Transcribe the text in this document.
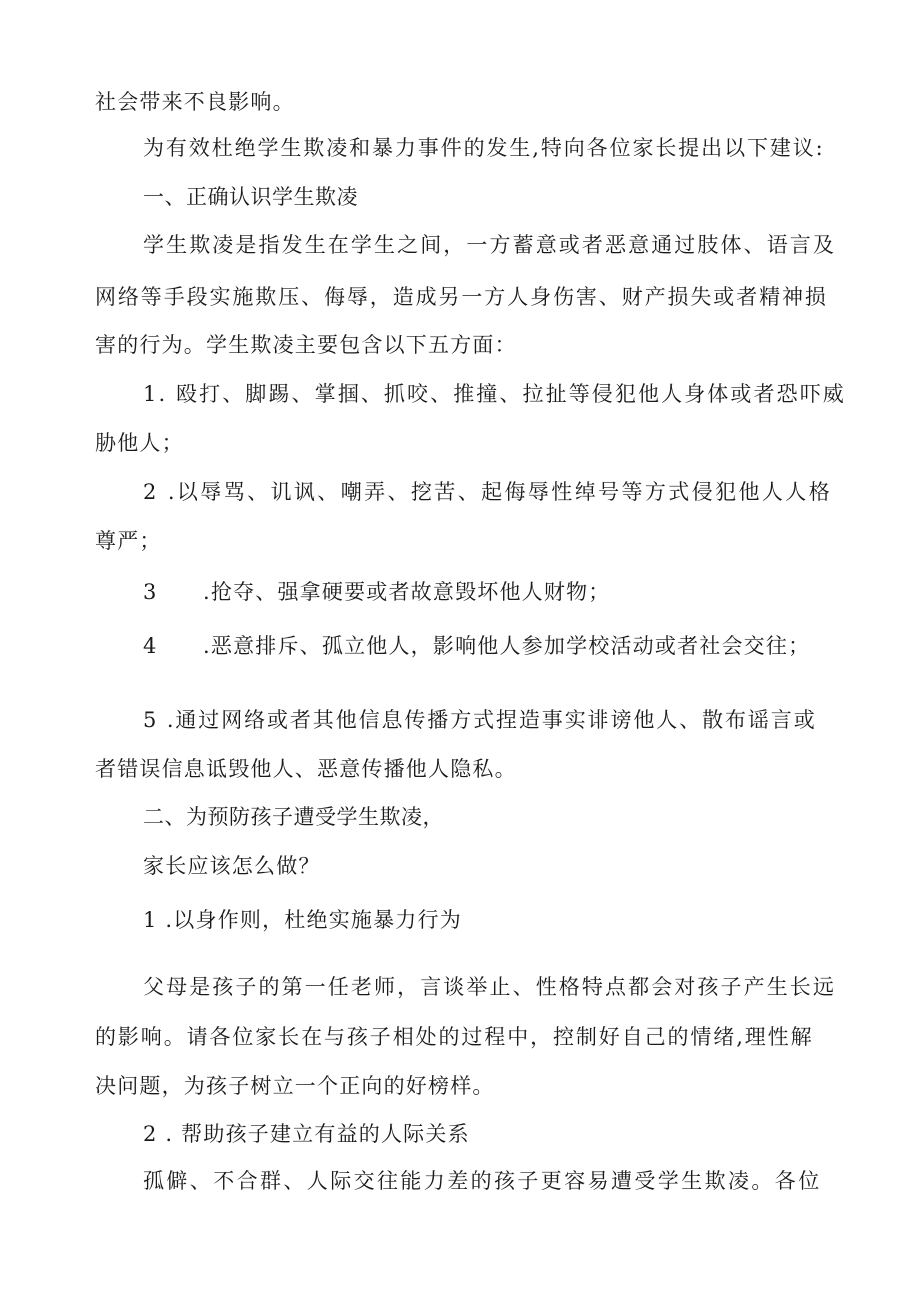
社会带来不良影响。
为有效杜绝学生欺凌和暴力事件的发生,特向各位家长提出以下建议:
一、正确认识学生欺凌
学生欺凌是指发生在学生之间，一方蓄意或者恶意通过肢体、语言及
网络等手段实施欺压、侮辱，造成另一方人身伤害、财产损失或者精神损
害的行为。学生欺凌主要包含以下五方面：
1. 殴打、脚踢、掌掴、抓咬、推撞、拉扯等侵犯他人身体或者恐吓威
胁他人；
2 .以辱骂、讥讽、嘲弄、挖苦、起侮辱性绰号等方式侵犯他人人格
尊严；
3 .抢夺、强拿硬要或者故意毁坏他人财物；
4 .恶意排斥、孤立他人，影响他人参加学校活动或者社会交往；
5 .通过网络或者其他信息传播方式捏造事实诽谤他人、散布谣言或
者错误信息诋毁他人、恶意传播他人隐私。
二、为预防孩子遭受学生欺凌，
家长应该怎么做？
1 .以身作则，杜绝实施暴力行为
父母是孩子的第一任老师，言谈举止、性格特点都会对孩子产生长远
的影响。请各位家长在与孩子相处的过程中，控制好自己的情绪,理性解
决问题，为孩子树立一个正向的好榜样。
2 . 帮助孩子建立有益的人际关系
孤僻、不合群、人际交往能力差的孩子更容易遭受学生欺凌。各位
